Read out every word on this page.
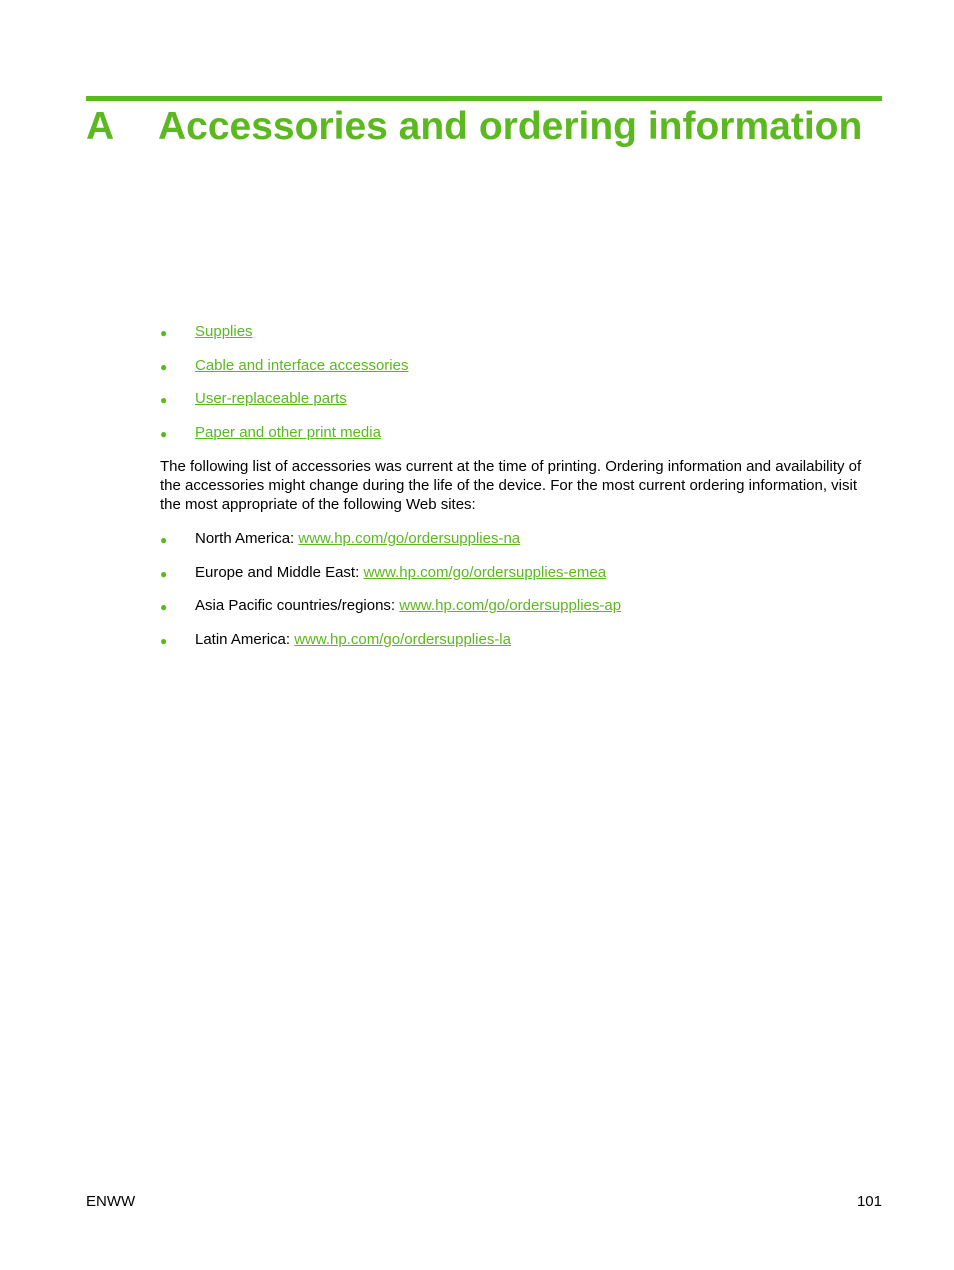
A Accessories and ordering information
●	Supplies
●	Cable and interface accessories
●	User-replaceable parts
●	Paper and other print media

The following list of accessories was current at the time of printing. Ordering information and availability of the accessories might change during the life of the device. For the most current ordering information, visit the most appropriate of the following Web sites:

●	North America: www.hp.com/go/ordersupplies-na
●	Europe and Middle East: www.hp.com/go/ordersupplies-emea
●	Asia Pacific countries/regions: www.hp.com/go/ordersupplies-ap
●	Latin America: www.hp.com/go/ordersupplies-la
ENWW	101
